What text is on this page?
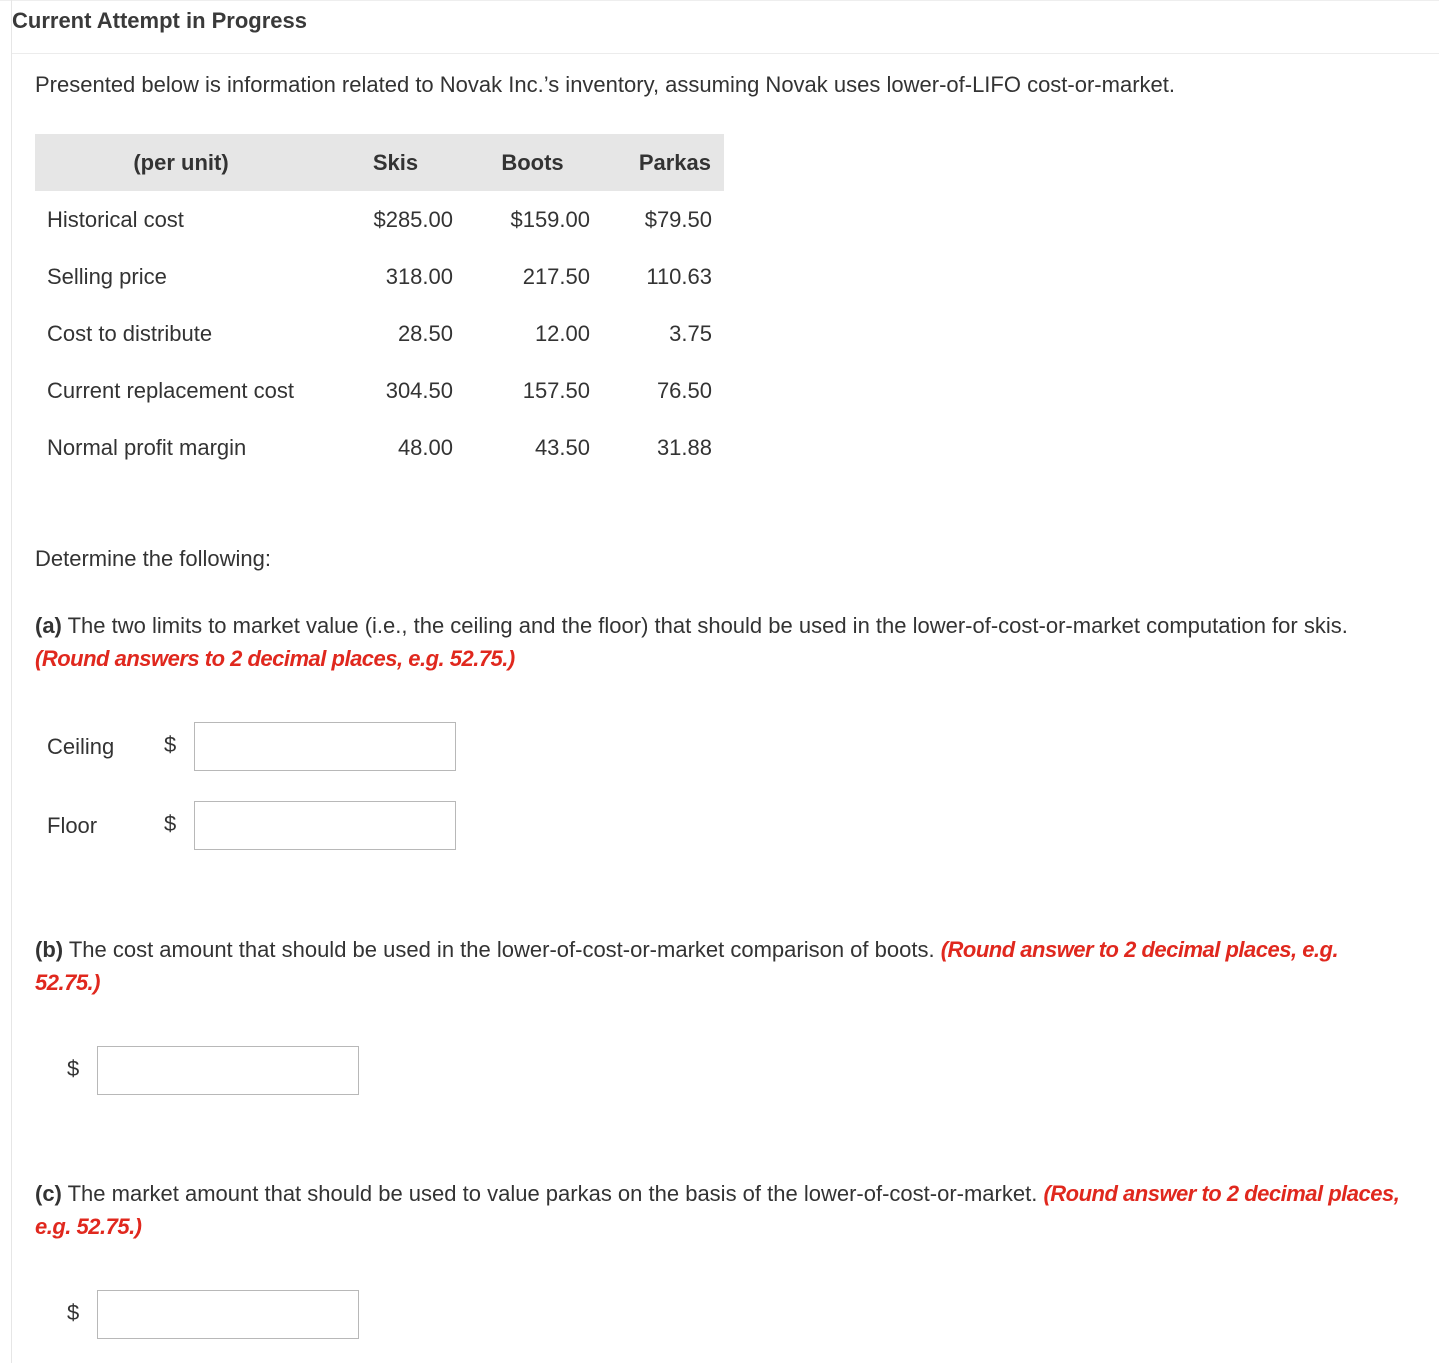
Current Attempt in Progress
Presented below is information related to Novak Inc.’s inventory, assuming Novak uses lower-of-LIFO cost-or-market.
(per unit)	Skis	Boots	Parkas
Historical cost	$285.00	$159.00	$79.50
Selling price	318.00	217.50	110.63
Cost to distribute	28.50	12.00	3.75
Current replacement cost	304.50	157.50	76.50
Normal profit margin	48.00	43.50	31.88
Determine the following:
(a) The two limits to market value (i.e., the ceiling and the floor) that should be used in the lower-of-cost-or-market computation for skis. (Round answers to 2 decimal places, e.g. 52.75.)
Ceiling $
Floor	$
(b) The cost amount that should be used in the lower-of-cost-or-market comparison of boots. (Round answer to 2 decimal places, e.g. 52.75.)
$
(c) The market amount that should be used to value parkas on the basis of the lower-of-cost-or-market. (Round answer to 2 decimal places, e.g. 52.75.)
$
